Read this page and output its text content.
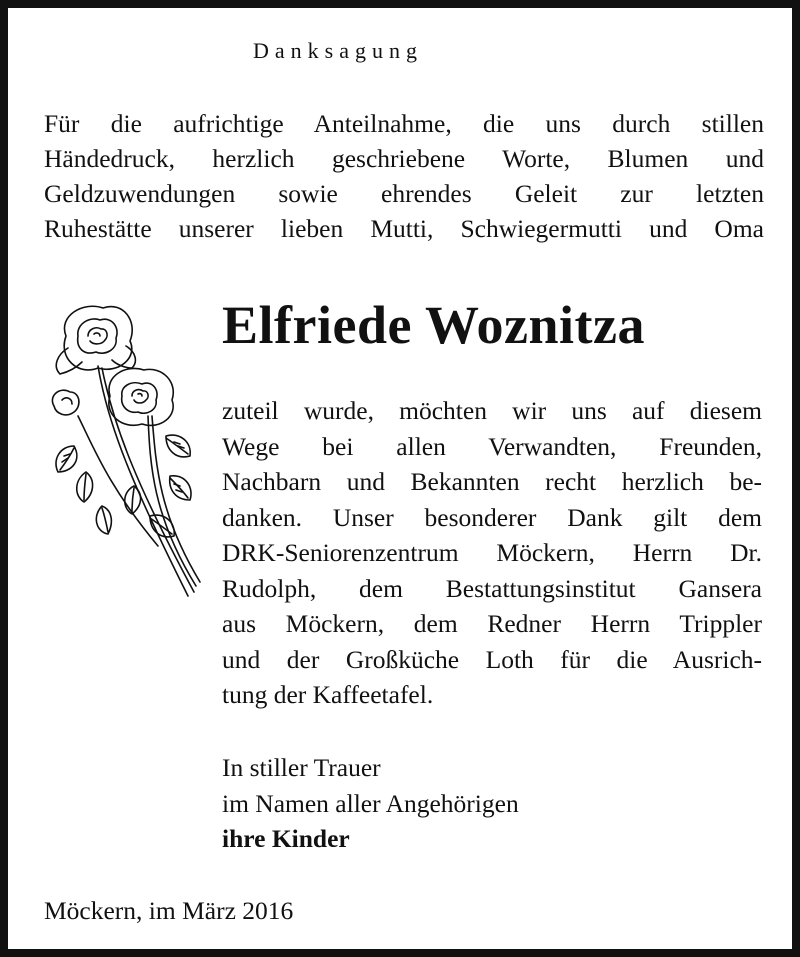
Danksagung

Für die aufrichtige Anteilnahme, die uns durch stillen
Händedruck, herzlich geschriebene Worte, Blumen und
Geldzuwendungen sowie ehrendes Geleit zur letzten
Ruhestätte unserer lieben Mutti, Schwiegermutti und Oma

Elfriede Woznitza

zuteil wurde, möchten wir uns auf diesem
Wege bei allen Verwandten, Freunden,
Nachbarn und Bekannten recht herzlich be-
danken. Unser besonderer Dank gilt dem
DRK-Seniorenzentrum Möckern, Herrn Dr.
Rudolph, dem Bestattungsinstitut Gansera
aus Möckern, dem Redner Herrn Trippler
und der Großküche Loth für die Ausrich-
tung der Kaffeetafel.

In stiller Trauer
im Namen aller Angehörigen
ihre Kinder

Möckern, im März 2016
